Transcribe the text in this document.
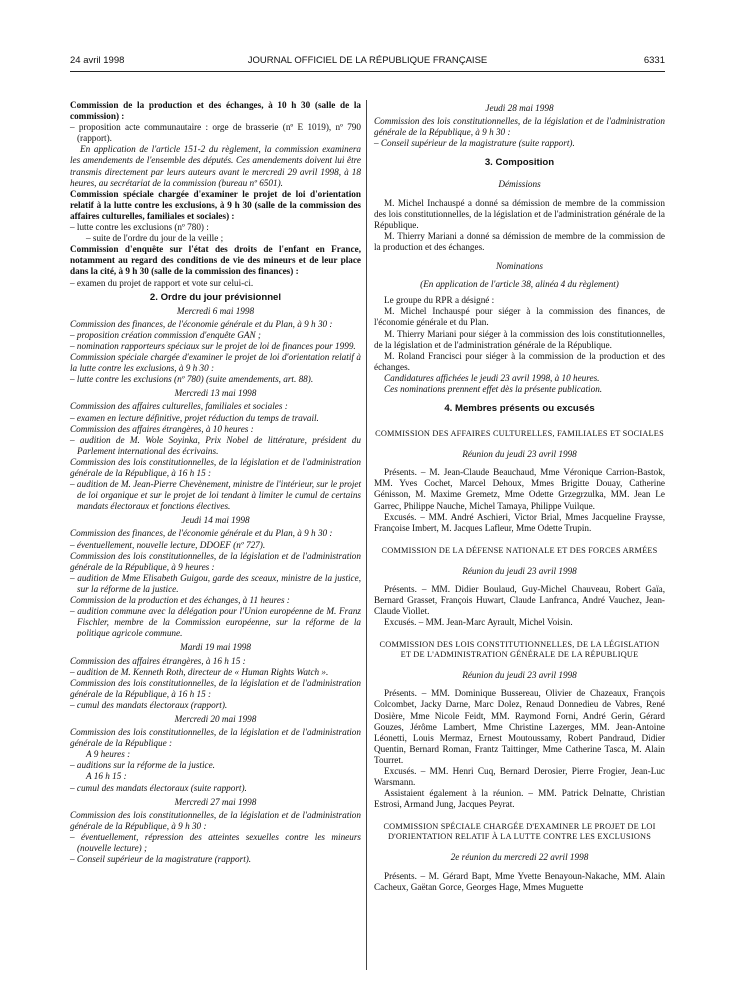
24 avril 1998	JOURNAL OFFICIEL DE LA RÉPUBLIQUE FRANÇAISE	6331

Commission de la production et des échanges, à 10 h 30 (salle de la commission) :

– proposition acte communautaire : orge de brasserie (nº E 1019), nº 790 (rapport).

En application de l'article 151-2 du règlement, la commission examinera les amendements de l'ensemble des députés. Ces amendements doivent lui être transmis directement par leurs auteurs avant le mercredi 29 avril 1998, à 18 heures, au secrétariat de la commission (bureau nº 6501).

Commission spéciale chargée d'examiner le projet de loi d'orientation relatif à la lutte contre les exclusions, à 9 h 30 (salle de la commission des affaires culturelles, familiales et sociales) :

– lutte contre les exclusions (nº 780) :

– suite de l'ordre du jour de la veille ;

Commission d'enquête sur l'état des droits de l'enfant en France, notamment au regard des conditions de vie des mineurs et de leur place dans la cité, à 9 h 30 (salle de la commission des finances) :

– examen du projet de rapport et vote sur celui-ci.

2. Ordre du jour prévisionnel

Mercredi 6 mai 1998

Commission des finances, de l'économie générale et du Plan, à 9 h 30 :

– proposition création commission d'enquête GAN ;

– nomination rapporteurs spéciaux sur le projet de loi de finances pour 1999.

Commission spéciale chargée d'examiner le projet de loi d'orientation relatif à la lutte contre les exclusions, à 9 h 30 :

– lutte contre les exclusions (nº 780) (suite amendements, art. 88).

Mercredi 13 mai 1998

Commission des affaires culturelles, familiales et sociales :

– examen en lecture définitive, projet réduction du temps de travail.

Commission des affaires étrangères, à 10 heures :

– audition de M. Wole Soyinka, Prix Nobel de littérature, président du Parlement international des écrivains.

Commission des lois constitutionnelles, de la législation et de l'administration générale de la République, à 16 h 15 :

– audition de M. Jean-Pierre Chevènement, ministre de l'intérieur, sur le projet de loi organique et sur le projet de loi tendant à limiter le cumul de certains mandats électoraux et fonctions électives.

Jeudi 14 mai 1998

Commission des finances, de l'économie générale et du Plan, à 9 h 30 :

– éventuellement, nouvelle lecture, DDOEF (nº 727).

Commission des lois constitutionnelles, de la législation et de l'administration générale de la République, à 9 heures :

– audition de Mme Elisabeth Guigou, garde des sceaux, ministre de la justice, sur la réforme de la justice.

Commission de la production et des échanges, à 11 heures :

– audition commune avec la délégation pour l'Union européenne de M. Franz Fischler, membre de la Commission européenne, sur la réforme de la politique agricole commune.

Mardi 19 mai 1998

Commission des affaires étrangères, à 16 h 15 :

– audition de M. Kenneth Roth, directeur de « Human Rights Watch ».

Commission des lois constitutionnelles, de la législation et de l'administration générale de la République, à 16 h 15 :

– cumul des mandats électoraux (rapport).

Mercredi 20 mai 1998

Commission des lois constitutionnelles, de la législation et de l'administration générale de la République :

A 9 heures :

– auditions sur la réforme de la justice.

A 16 h 15 :

– cumul des mandats électoraux (suite rapport).

Mercredi 27 mai 1998

Commission des lois constitutionnelles, de la législation et de l'administration générale de la République, à 9 h 30 :

– éventuellement, répression des atteintes sexuelles contre les mineurs (nouvelle lecture) ;

– Conseil supérieur de la magistrature (rapport).

Jeudi 28 mai 1998

Commission des lois constitutionnelles, de la législation et de l'administration générale de la République, à 9 h 30 :

– Conseil supérieur de la magistrature (suite rapport).

3. Composition

Démissions

M. Michel Inchauspé a donné sa démission de membre de la commission des lois constitutionnelles, de la législation et de l'administration générale de la République.

M. Thierry Mariani a donné sa démission de membre de la commission de la production et des échanges.

Nominations

(En application de l'article 38, alinéa 4 du règlement)

Le groupe du RPR a désigné :

M. Michel Inchauspé pour siéger à la commission des finances, de l'économie générale et du Plan.

M. Thierry Mariani pour siéger à la commission des lois constitutionnelles, de la législation et de l'administration générale de la République.

M. Roland Francisci pour siéger à la commission de la production et des échanges.

Candidatures affichées le jeudi 23 avril 1998, à 10 heures.

Ces nominations prennent effet dès la présente publication.

4. Membres présents ou excusés

COMMISSION DES AFFAIRES CULTURELLES, FAMILIALES ET SOCIALES

Réunion du jeudi 23 avril 1998

Présents. – M. Jean-Claude Beauchaud, Mme Véronique Carrion-Bastok, MM. Yves Cochet, Marcel Dehoux, Mmes Brigitte Douay, Catherine Génisson, M. Maxime Gremetz, Mme Odette Grzegrzulka, MM. Jean Le Garrec, Philippe Nauche, Michel Tamaya, Philippe Vuilque.

Excusés. – MM. André Aschieri, Victor Brial, Mmes Jacqueline Fraysse, Françoise Imbert, M. Jacques Lafleur, Mme Odette Trupin.

COMMISSION DE LA DÉFENSE NATIONALE ET DES FORCES ARMÉES

Réunion du jeudi 23 avril 1998

Présents. – MM. Didier Boulaud, Guy-Michel Chauveau, Robert Gaïa, Bernard Grasset, François Huwart, Claude Lanfranca, André Vauchez, Jean-Claude Viollet.

Excusés. – MM. Jean-Marc Ayrault, Michel Voisin.

COMMISSION DES LOIS CONSTITUTIONNELLES, DE LA LÉGISLATION ET DE L'ADMINISTRATION GÉNÉRALE DE LA RÉPUBLIQUE

Réunion du jeudi 23 avril 1998

Présents. – MM. Dominique Bussereau, Olivier de Chazeaux, François Colcombet, Jacky Darne, Marc Dolez, Renaud Donnedieu de Vabres, René Dosière, Mme Nicole Feidt, MM. Raymond Forni, André Gerin, Gérard Gouzes, Jérôme Lambert, Mme Christine Lazerges, MM. Jean-Antoine Léonetti, Louis Mermaz, Ernest Moutoussamy, Robert Pandraud, Didier Quentin, Bernard Roman, Frantz Taittinger, Mme Catherine Tasca, M. Alain Tourret.

Excusés. – MM. Henri Cuq, Bernard Derosier, Pierre Frogier, Jean-Luc Warsmann.

Assistaient également à la réunion. – MM. Patrick Delnatte, Christian Estrosi, Armand Jung, Jacques Peyrat.

COMMISSION SPÉCIALE CHARGÉE D'EXAMINER LE PROJET DE LOI D'ORIENTATION RELATIF À LA LUTTE CONTRE LES EXCLUSIONS

2e réunion du mercredi 22 avril 1998

Présents. – M. Gérard Bapt, Mme Yvette Benayoun-Nakache, MM. Alain Cacheux, Gaëtan Gorce, Georges Hage, Mmes Muguette
